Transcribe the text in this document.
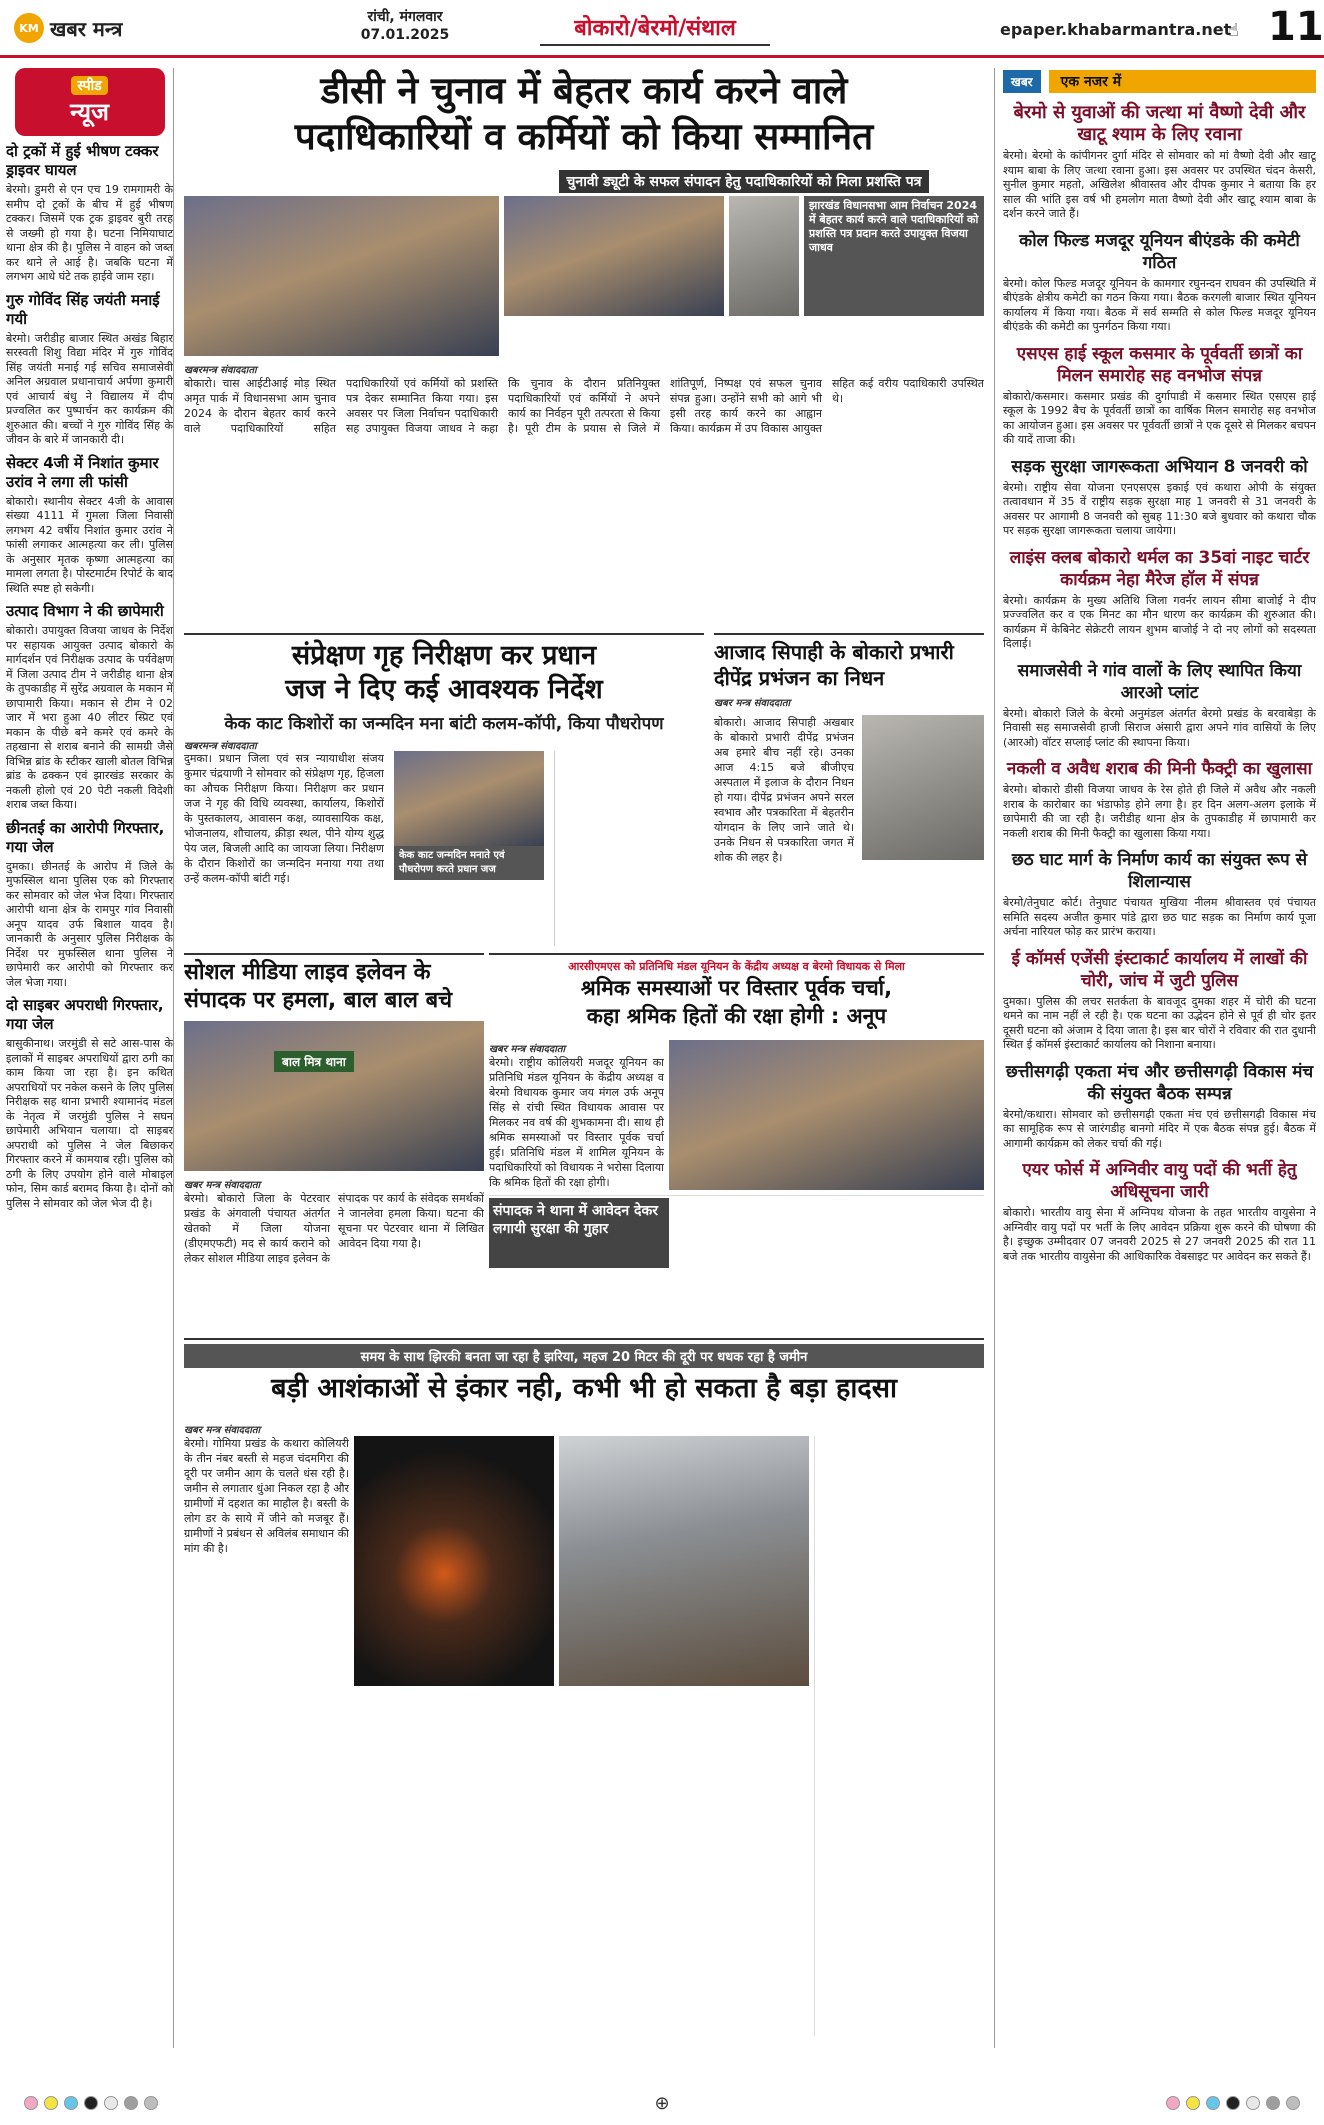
KM खबर मन्त्र	रांची, मंगलवार
07.01.2025	बोकारो/बेरमो/संथाल	epaper.khabarmantra.net
☝ 11
स्पीड
न्यूज
दो ट्रकों में हुई भीषण टक्कर ड्राइवर घायल
बेरमो। डुमरी से एन एच 19 रामगामरी के समीप दो ट्रकों के बीच में हुई भीषण टक्कर। जिसमें एक ट्रक ड्राइवर बुरी तरह से जख्मी हो गया है। घटना निमियाघाट थाना क्षेत्र की है। पुलिस ने वाहन को जब्त कर थाने ले आई है। जबकि घटना में लगभग आधे घंटे तक हाईवे जाम रहा।
गुरु गोविंद सिंह जयंती मनाई गयी
बेरमो। जरीडीह बाजार स्थित अखंड बिहार सरस्वती शिशु विद्या मंदिर में गुरु गोविंद सिंह जयंती मनाई गई सचिव समाजसेवी अनिल अग्रवाल प्रधानाचार्य अर्पणा कुमारी एवं आचार्य बंधु ने विद्यालय में दीप प्रज्वलित कर पुष्पार्चन कर कार्यक्रम की शुरुआत की। बच्चों ने गुरु गोविंद सिंह के जीवन के बारे में जानकारी दी।
सेक्टर 4जी में निशांत कुमार उरांव ने लगा ली फांसी
बोकारो। स्थानीय सेक्टर 4जी के आवास संख्या 4111 में गुमला जिला निवासी लगभग 42 वर्षीय निशांत कुमार उरांव ने फांसी लगाकर आत्महत्या कर ली। पुलिस के अनुसार मृतक कृष्णा आत्महत्या का मामला लगता है। पोस्टमार्टम रिपोर्ट के बाद स्थिति स्पष्ट हो सकेगी।
उत्पाद विभाग ने की छापेमारी
बोकारो। उपायुक्त विजया जाधव के निर्देश पर सहायक आयुक्त उत्पाद बोकारो के मार्गदर्शन एवं निरीक्षक उत्पाद के पर्यवेक्षण में जिला उत्पाद टीम ने जरीडीह थाना क्षेत्र के तुपकाडीह में सुरेंद्र अग्रवाल के मकान में छापामारी किया। मकान से टीम ने 02 जार में भरा हुआ 40 लीटर स्प्रिट एवं मकान के पीछे बने कमरे एवं कमरे के तहखाना से शराब बनाने की सामग्री जैसे विभिन्न ब्रांड के स्टीकर खाली बोतल विभिन्न ब्रांड के ढक्कन एवं झारखंड सरकार के नकली होलो एवं 20 पेटी नकली विदेशी शराब जब्त किया।
छीनतई का आरोपी गिरफ्तार, गया जेल
दुमका। छीनतई के आरोप में जिले के मुफस्सिल थाना पुलिस एक को गिरफ्तार कर सोमवार को जेल भेज दिया। गिरफ्तार आरोपी थाना क्षेत्र के रामपुर गांव निवासी अनूप यादव उर्फ बिशाल यादव है। जानकारी के अनुसार पुलिस निरीक्षक के निर्देश पर मुफस्सिल थाना पुलिस ने छापेमारी कर आरोपी को गिरफ्तार कर जेल भेजा गया।
दो साइबर अपराधी गिरफ्तार, गया जेल
बासुकीनाथ। जरमुंडी से सटे आस-पास के इलाकों में साइबर अपराधियों द्वारा ठगी का काम किया जा रहा है। इन कथित अपराधियों पर नकेल कसने के लिए पुलिस निरीक्षक सह थाना प्रभारी श्यामानंद मंडल के नेतृत्व में जरमुंडी पुलिस ने सघन छापेमारी अभियान चलाया। दो साइबर अपराधी को पुलिस ने जेल बिछाकर गिरफ्तार करने में कामयाब रही। पुलिस को ठगी के लिए उपयोग होने वाले मोबाइल फोन, सिम कार्ड बरामद किया है। दोनों को पुलिस ने सोमवार को जेल भेज दी है।
डीसी ने चुनाव में बेहतर कार्य करने वाले
पदाधिकारियों व कर्मियों को किया सम्मानित
चुनावी ड्यूटी के सफल संपादन हेतु पदाधिकारियों को मिला प्रशस्ति पत्र
झारखंड विधानसभा आम निर्वाचन 2024 में बेहतर कार्य करने वाले पदाधिकारियों को प्रशस्ति पत्र प्रदान करते उपायुक्त विजया जाधव
खबरमन्त्र संवाददाता
बोकारो। चास आईटीआई मोड़ स्थित अमृत पार्क में विधानसभा आम चुनाव 2024 के दौरान बेहतर कार्य करने वाले पदाधिकारियों सहित पदाधिकारियों एवं कर्मियों को प्रशस्ति पत्र देकर सम्मानित किया गया। इस अवसर पर जिला निर्वाचन पदाधिकारी सह उपायुक्त विजया जाधव ने कहा कि चुनाव के दौरान प्रतिनियुक्त पदाधिकारियों एवं कर्मियों ने अपने कार्य का निर्वहन पूरी तत्परता से किया है। पूरी टीम के प्रयास से जिले में शांतिपूर्ण, निष्पक्ष एवं सफल चुनाव संपन्न हुआ। उन्होंने सभी को आगे भी इसी तरह कार्य करने का आह्वान किया। कार्यक्रम में उप विकास आयुक्त सहित कई वरीय पदाधिकारी उपस्थित थे।
संप्रेक्षण गृह निरीक्षण कर प्रधान
जज ने दिए कई आवश्यक निर्देश
केक काट किशोरों का जन्मदिन मना बांटी कलम-कॉपी, किया पौधरोपण
खबरमन्त्र संवाददाता
दुमका। प्रधान जिला एवं सत्र न्यायाधीश संजय कुमार चंद्रयाणी ने सोमवार को संप्रेक्षण गृह, हिजला का औचक निरीक्षण किया। निरीक्षण कर प्रधान जज ने गृह की विधि व्यवस्था, कार्यालय, किशोरों के पुस्तकालय, आवासन कक्ष, व्यावसायिक कक्ष, भोजनालय, शौचालय, क्रीड़ा स्थल, पीने योग्य शुद्ध पेय जल, बिजली आदि का जायजा लिया। निरीक्षण के दौरान किशोरों का जन्मदिन मनाया गया तथा उन्हें कलम-कॉपी बांटी गई।
केक काट जन्मदिन मनाते एवं पौधरोपण करते प्रधान जज
आजाद सिपाही के बोकारो प्रभारी दीपेंद्र प्रभंजन का निधन
खबर मन्त्र संवाददाता
बोकारो। आजाद सिपाही अखबार के बोकारो प्रभारी दीपेंद्र प्रभंजन अब हमारे बीच नहीं रहे। उनका आज 4:15 बजे बीजीएच अस्पताल में इलाज के दौरान निधन हो गया। दीपेंद्र प्रभंजन अपने सरल स्वभाव और पत्रकारिता में बेहतरीन योगदान के लिए जाने जाते थे। उनके निधन से पत्रकारिता जगत में शोक की लहर है।
सोशल मीडिया लाइव इलेवन के
संपादक पर हमला, बाल बाल बचे
बाल मित्र थाना
खबर मन्त्र संवाददाता
बेरमो। बोकारो जिला के पेटरवार प्रखंड के अंगवाली पंचायत अंतर्गत खेतको में जिला योजना (डीएमएफटी) मद से कार्य कराने को लेकर सोशल मीडिया लाइव इलेवन के संपादक पर कार्य के संवेदक समर्थकों ने जानलेवा हमला किया। घटना की सूचना पर पेटरवार थाना में लिखित आवेदन दिया गया है।
संपादक ने थाना में आवेदन देकर लगायी सुरक्षा की गुहार
आरसीएमएस को प्रतिनिधि मंडल यूनियन के केंद्रीय अध्यक्ष व बेरमो विधायक से मिला
श्रमिक समस्याओं पर विस्तार पूर्वक चर्चा,
कहा श्रमिक हितों की रक्षा होगी : अनूप
खबर मन्त्र संवाददाता
बेरमो। राष्ट्रीय कोलियरी मजदूर यूनियन का प्रतिनिधि मंडल यूनियन के केंद्रीय अध्यक्ष व बेरमो विधायक कुमार जय मंगल उर्फ अनूप सिंह से रांची स्थित विधायक आवास पर मिलकर नव वर्ष की शुभकामना दी। साथ ही श्रमिक समस्याओं पर विस्तार पूर्वक चर्चा हुई। प्रतिनिधि मंडल में शामिल यूनियन के पदाधिकारियों को विधायक ने भरोसा दिलाया कि श्रमिक हितों की रक्षा होगी।
समय के साथ झिरकी बनता जा रहा है झरिया, महज 20 मिटर की दूरी पर धधक रहा है जमीन
बड़ी आशंकाओं से इंकार नही, कभी भी हो सकता है बड़ा हादसा
खबर मन्त्र संवाददाता
बेरमो। गोमिया प्रखंड के कथारा कोलियरी के तीन नंबर बस्ती से महज चंदमगिरा की दूरी पर जमीन आग के चलते धंस रही है। जमीन से लगातार धुंआ निकल रहा है और ग्रामीणों में दहशत का माहौल है। बस्ती के लोग डर के साये में जीने को मजबूर हैं। ग्रामीणों ने प्रबंधन से अविलंब समाधान की मांग की है।
खबर	एक नजर में
बेरमो से युवाओं की जत्था मां वैष्णो देवी और खाटू श्याम के लिए रवाना
बेरमो। बेरमो के कांपीगनर दुर्गा मंदिर से सोमवार को मां वैष्णो देवी और खाटू श्याम बाबा के लिए जत्था रवाना हुआ। इस अवसर पर उपस्थित चंदन केसरी, सुनील कुमार महतो, अखिलेश श्रीवास्तव और दीपक कुमार ने बताया कि हर साल की भांति इस वर्ष भी हमलोग माता वैष्णो देवी और खाटू श्याम बाबा के दर्शन करने जाते हैं।
कोल फिल्ड मजदूर यूनियन बीएंडके की कमेटी गठित
बेरमो। कोल फिल्ड मजदूर यूनियन के कामगार रघुनन्दन राघवन की उपस्थिति में बीएंडके क्षेत्रीय कमेटी का गठन किया गया। बैठक करगली बाजार स्थित यूनियन कार्यालय में किया गया। बैठक में सर्व सम्मति से कोल फिल्ड मजदूर यूनियन बीएंडके की कमेटी का पुनर्गठन किया गया।
एसएस हाई स्कूल कसमार के पूर्ववर्ती छात्रों का मिलन समारोह सह वनभोज संपन्न
बोकारो/कसमार। कसमार प्रखंड की दुर्गापाडी में कसमार स्थित एसएस हाई स्कूल के 1992 बैच के पूर्ववर्ती छात्रों का वार्षिक मिलन समारोह सह वनभोज का आयोजन हुआ। इस अवसर पर पूर्ववर्ती छात्रों ने एक दूसरे से मिलकर बचपन की यादें ताजा की।
सड़क सुरक्षा जागरूकता अभियान 8 जनवरी को
बेरमो। राष्ट्रीय सेवा योजना एनएसएस इकाई एवं कथारा ओपी के संयुक्त तत्वावधान में 35 वें राष्ट्रीय सड़क सुरक्षा माह 1 जनवरी से 31 जनवरी के अवसर पर आगामी 8 जनवरी को सुबह 11:30 बजे बुधवार को कथारा चौक पर सड़क सुरक्षा जागरूकता चलाया जायेगा।
लाइंस क्लब बोकारो थर्मल का 35वां नाइट चार्टर कार्यक्रम नेहा मैरेज हॉल में संपन्न
बेरमो। कार्यक्रम के मुख्य अतिथि जिला गवर्नर लायन सीमा बाजोई ने दीप प्रज्ज्वलित कर व एक मिनट का मौन धारण कर कार्यक्रम की शुरुआत की। कार्यक्रम में केबिनेट सेक्रेटरी लायन शुभम बाजोई ने दो नए लोगों को सदस्यता दिलाई।
समाजसेवी ने गांव वालों के लिए स्थापित किया आरओ प्लांट
बेरमो। बोकारो जिले के बेरमो अनुमंडल अंतर्गत बेरमो प्रखंड के बरवाबेड़ा के निवासी सह समाजसेवी हाजी सिराज अंसारी द्वारा अपने गांव वासियों के लिए (आरओ) वॉटर सप्लाई प्लांट की स्थापना किया।
नकली व अवैध शराब की मिनी फैक्ट्री का खुलासा
बेरमो। बोकारो डीसी विजया जाधव के रेस होते ही जिले में अवैध और नकली शराब के कारोबार का भंडाफोड़ होने लगा है। हर दिन अलग-अलग इलाके में छापेमारी की जा रही है। जरीडीह थाना क्षेत्र के तुपकाडीह में छापामारी कर नकली शराब की मिनी फैक्ट्री का खुलासा किया गया।
छठ घाट मार्ग के निर्माण कार्य का संयुक्त रूप से शिलान्यास
बेरमो/तेनुघाट कोर्ट। तेनुघाट पंचायत मुखिया नीलम श्रीवास्तव एवं पंचायत समिति सदस्य अजीत कुमार पांडे द्वारा छठ घाट सड़क का निर्माण कार्य पूजा अर्चना नारियल फोड़ कर प्रारंभ कराया।
ई कॉमर्स एजेंसी इंस्टाकार्ट कार्यालय में लाखों की चोरी, जांच में जुटी पुलिस
दुमका। पुलिस की लचर सतर्कता के बावजूद दुमका शहर में चोरी की घटना थमने का नाम नहीं ले रही है। एक घटना का उद्भेदन होने से पूर्व ही चोर इतर दूसरी घटना को अंजाम दे दिया जाता है। इस बार चोरों ने रविवार की रात दुधानी स्थित ई कॉमर्स इंस्टाकार्ट कार्यालय को निशाना बनाया।
छत्तीसगढ़ी एकता मंच और छत्तीसगढ़ी विकास मंच की संयुक्त बैठक सम्पन्न
बेरमो/कथारा। सोमवार को छत्तीसगढ़ी एकता मंच एवं छत्तीसगढ़ी विकास मंच का सामूहिक रूप से जारंगडीह बानगो मंदिर में एक बैठक संपन्न हुई। बैठक में आगामी कार्यक्रम को लेकर चर्चा की गई।
एयर फोर्स में अग्निवीर वायु पदों की भर्ती हेतु अधिसूचना जारी
बोकारो। भारतीय वायु सेना में अग्निपथ योजना के तहत भारतीय वायुसेना ने अग्निवीर वायु पदों पर भर्ती के लिए आवेदन प्रक्रिया शुरू करने की घोषणा की है। इच्छुक उम्मीदवार 07 जनवरी 2025 से 27 जनवरी 2025 की रात 11 बजे तक भारतीय वायुसेना की आधिकारिक वेबसाइट पर आवेदन कर सकते हैं।
⊕
